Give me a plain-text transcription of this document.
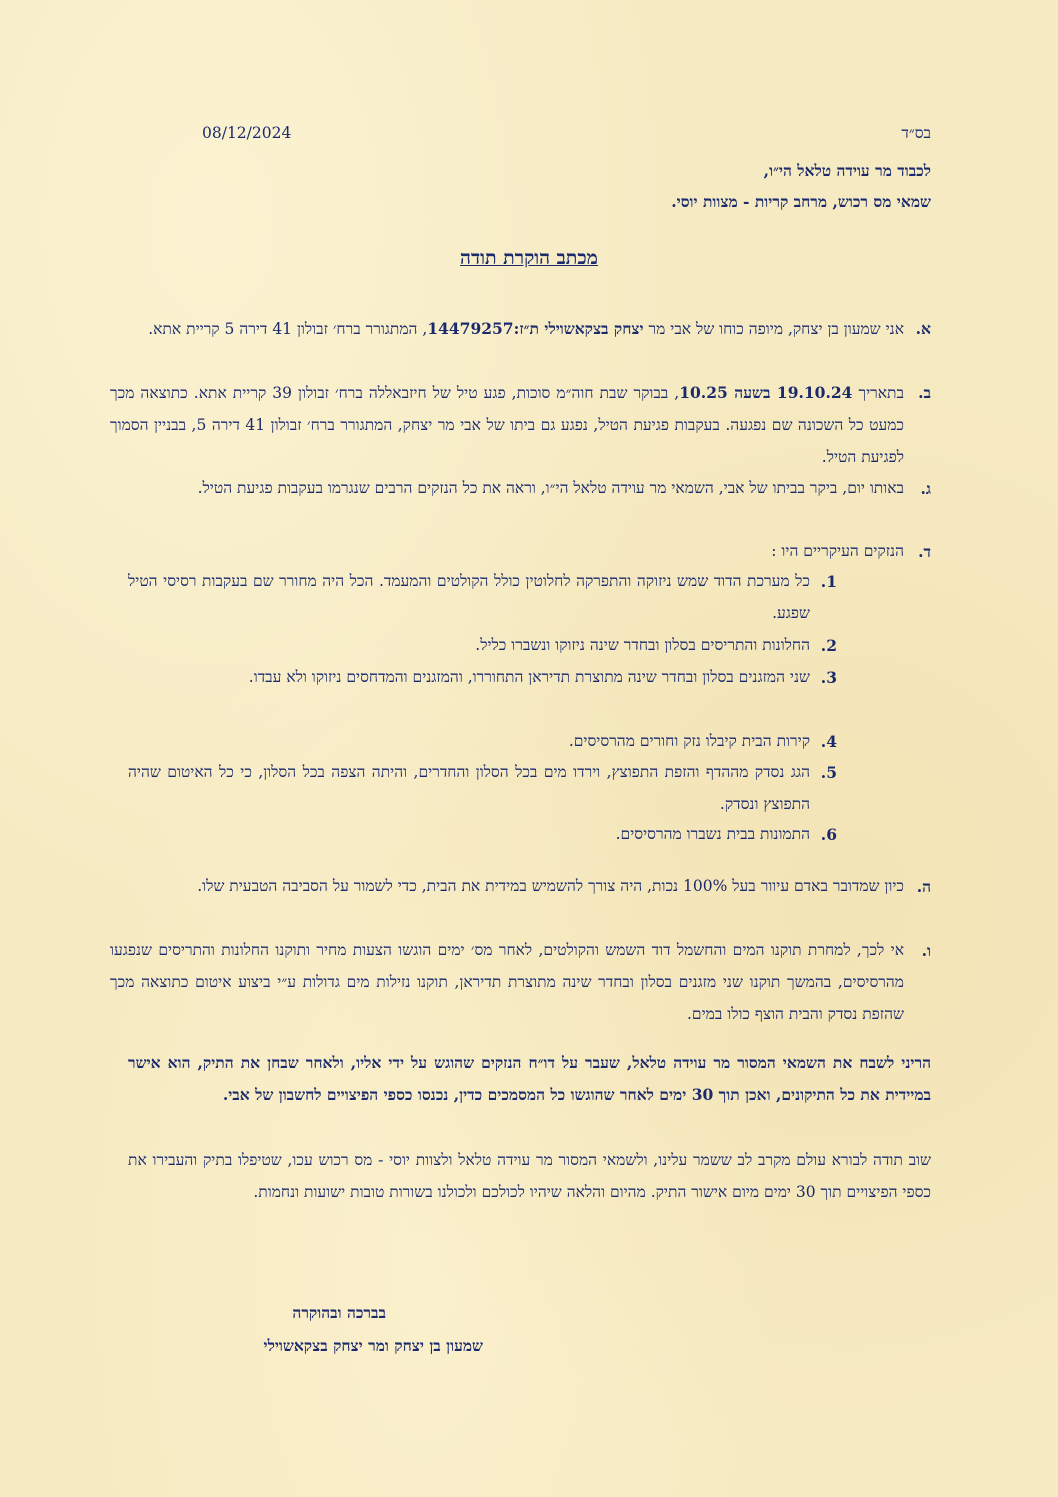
בס״ד
08/12/2024
לכבוד מר עוידה טלאל הי״ו,
שמאי מס רכוש, מרחב קריות - מצוות יוסי.
מכתב הוקרת תודה
א.
אני שמעון בן יצחק, מיופה כוחו של אבי מר יצחק בצקאשוילי ת״ז:14479257, המתגורר ברח׳ זבולון 41 דירה 5 קריית אתא.
ב.
בתאריך 19.10.24 בשעה 10.25, בבוקר שבת חוה״מ סוכות, פגע טיל של חיזבאללה ברח׳ זבולון 39 קריית אתא. כתוצאה מכך כמעט כל השכונה שם נפגעה. בעקבות פגיעת הטיל, נפגע גם ביתו של אבי מר יצחק, המתגורר ברח׳ זבולון 41 דירה 5, בבניין הסמוך לפגיעת הטיל.
ג.
באותו יום, ביקר בביתו של אבי, השמאי מר עוידה טלאל הי״ו, וראה את כל הנזקים הרבים שנגרמו בעקבות פגיעת הטיל.
ד.
הנזקים העיקריים היו :
1.
כל מערכת הדוד שמש ניזוקה והתפרקה לחלוטין כולל הקולטים והמעמד. הכל היה מחורר שם בעקבות רסיסי הטיל שפגע.
2.
החלונות והתריסים בסלון ובחדר שינה ניזוקו ונשברו כליל.
3.
שני המזגנים בסלון ובחדר שינה מתוצרת תדיראן התחוררו, והמזגנים והמדחסים ניזוקו ולא עבדו.
4.
קירות הבית קיבלו נזק וחורים מהרסיסים.
5.
הגג נסדק מההדף והזפת התפוצץ, וירדו מים בכל הסלון והחדרים, והיתה הצפה בכל הסלון, כי כל האיטום שהיה התפוצץ ונסדק.
6.
התמונות בבית נשברו מהרסיסים.
ה.
כיון שמדובר באדם עיוור בעל 100% נכות, היה צורך להשמיש במידית את הבית, כדי לשמור על הסביבה הטבעית שלו.
ו.
אי לכך, למחרת תוקנו המים והחשמל דוד השמש והקולטים, לאחר מס׳ ימים הוגשו הצעות מחיר ותוקנו החלונות והתריסים שנפגעו מהרסיסים, בהמשך תוקנו שני מזגנים בסלון ובחדר שינה מתוצרת תדיראן, תוקנו נזילות מים גדולות ע״י ביצוע איטום כתוצאה מכך שהזפת נסדק והבית הוצף כולו במים.
הריני לשבח את השמאי המסור מר עוידה טלאל, שעבר על דו״ח הנזקים שהוגש על ידי אליו, ולאחר שבחן את התיק, הוא אישר במיידית את כל התיקונים, ואכן תוך 30 ימים לאחר שהוגשו כל המסמכים כדין, נכנסו כספי הפיצויים לחשבון של אבי.
שוב תודה לבורא עולם מקרב לב ששמר עלינו, ולשמאי המסור מר עוידה טלאל ולצוות יוסי - מס רכוש עכו, שטיפלו בתיק והעבירו את כספי הפיצויים תוך 30 ימים מיום אישור התיק. מהיום והלאה שיהיו לכולכם ולכולנו בשורות טובות ישועות ונחמות.
בברכה ובהוקרה
שמעון בן יצחק ומר יצחק בצקאשוילי
